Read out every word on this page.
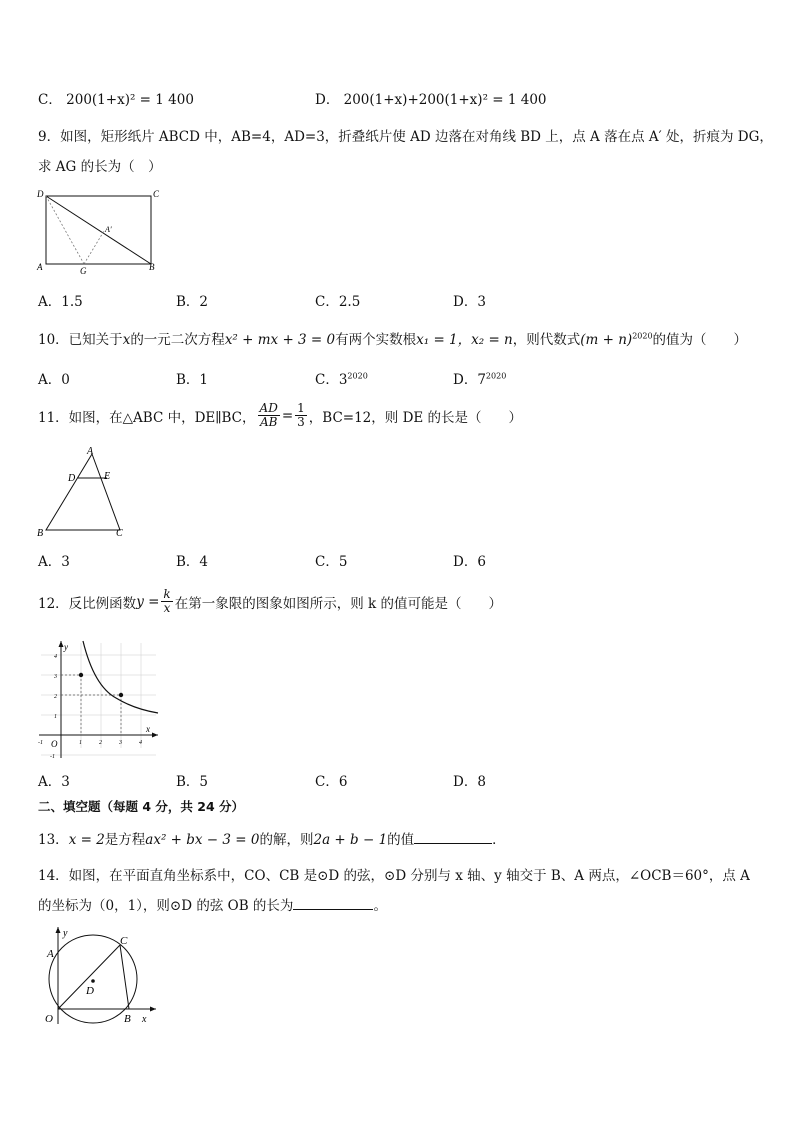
C． 200(1+x)² = 1 400	D． 200(1+x)+200(1+x)² = 1 400
9．如图，矩形纸片 ABCD 中，AB=4，AD=3，折叠纸片使 AD 边落在对角线 BD 上，点 A 落在点 A′ 处，折痕为 DG，
求 AG 的长为（　）
D	C
A	B
G
A′
A．1.5	B．2	C．2.5	D．3
10．已知关于x的一元二次方程x² + mx + 3 = 0有两个实数根x₁ = 1，x₂ = n，则代数式$(m + n)^{2020}$的值为（　　）
A．0	B．1	C．$3^{2020}$	D．$7^{2020}$
11．如图，在△ABC 中，DE∥BC， $\frac{AD}{AB} = \frac{1}{3}$ ，BC=12，则 DE 的长是（　　）
A
D	E
B	C
A．3	B．4	C．5	D．6
12．反比例函数 $y = \frac{k}{x}$ 在第一象限的图象如图所示，则 k 的值可能是（　　）
y
x
O
-1	1	2	3	4
4
3
2
1
-1
A．3	B．5	C．6	D．8
二、填空题（每题 4 分，共 24 分）
13．x = 2是方程ax² + bx − 3 = 0的解，则2a + b − 1的值	．
14．如图，在平面直角坐标系中，CO、CB 是⊙D 的弦，⊙D 分别与 x 轴、y 轴交于 B、A 两点，∠OCB＝60°，点 A
的坐标为（0，1），则⊙D 的弦 OB 的长为	。
y
x
A
C
D
O	B
